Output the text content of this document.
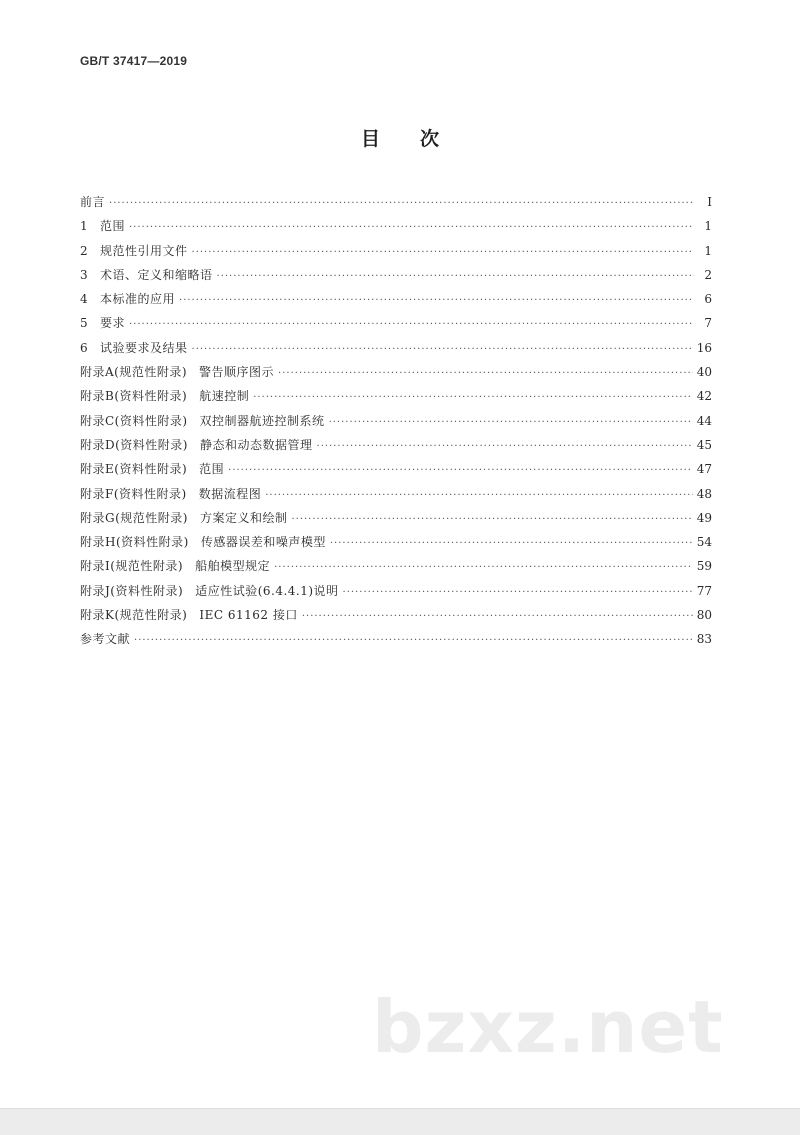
GB/T 37417—2019
目次
前言 ·····	Ⅰ
1 范围 ·····	1
2 规范性引用文件 ·····	1
3 术语、定义和缩略语 ·····	2
4 本标准的应用 ·····	6
5 要求 ·····	7
6 试验要求及结果 ·····	16
附录A(规范性附录) 警告顺序图示 ·····	40
附录B(资料性附录) 航速控制 ·····	42
附录C(资料性附录) 双控制器航迹控制系统 ·····	44
附录D(资料性附录) 静态和动态数据管理 ·····	45
附录E(资料性附录) 范围 ·····	47
附录F(资料性附录) 数据流程图 ·····	48
附录G(规范性附录) 方案定义和绘制 ·····	49
附录H(资料性附录) 传感器误差和噪声模型 ·····	54
附录I(规范性附录) 船舶模型规定 ·····	59
附录J(资料性附录) 适应性试验(6.4.4.1)说明 ·····	77
附录K(规范性附录) IEC 61162 接口 ·····	80
参考文献 ·····	83
bzxz.net
